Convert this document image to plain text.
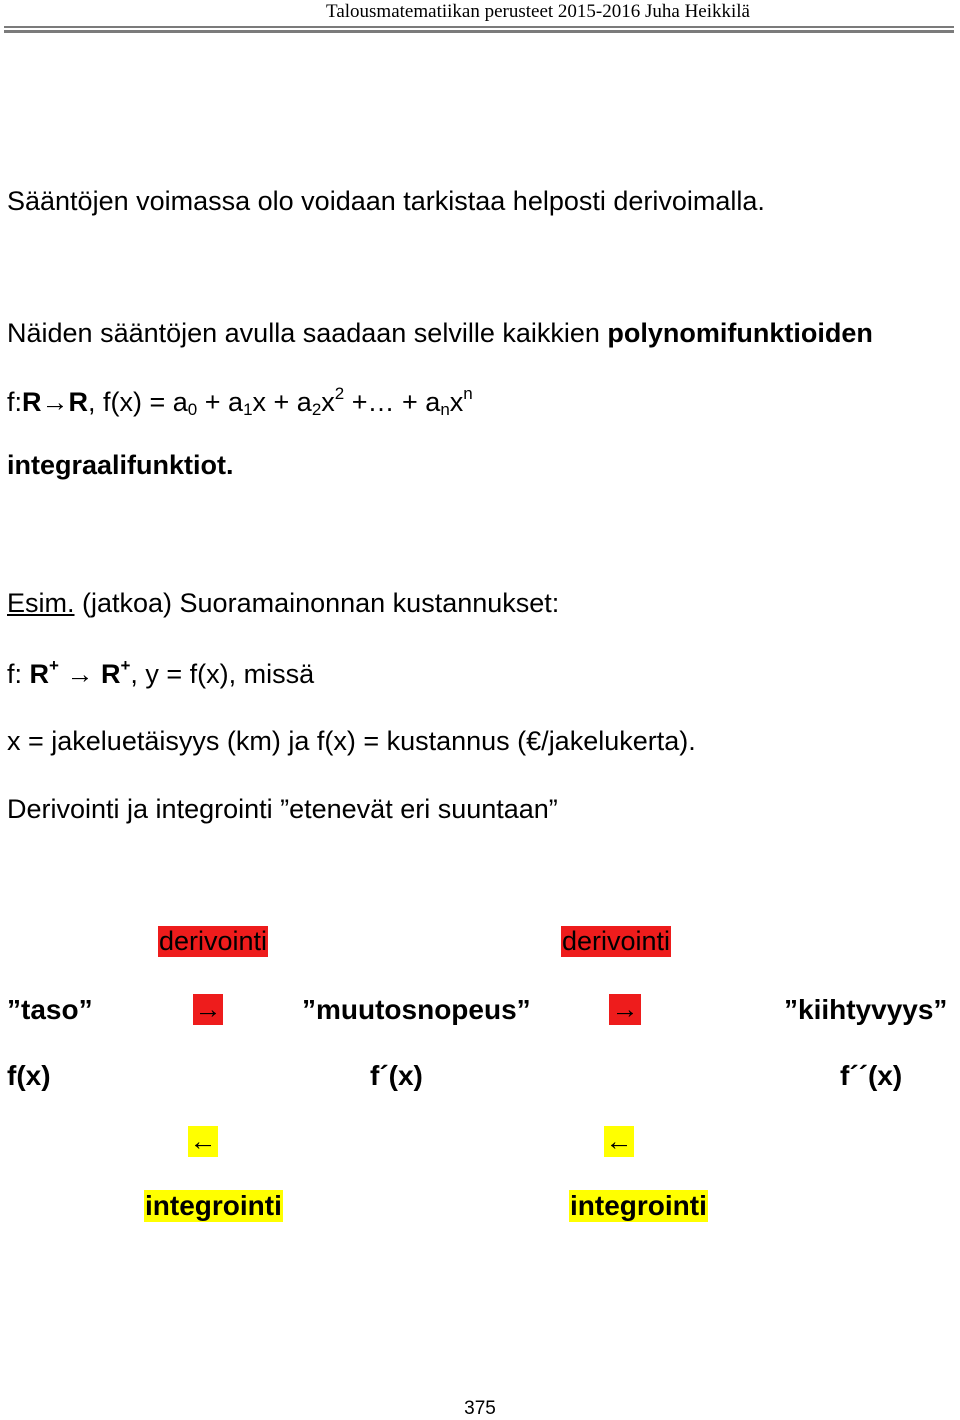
Talousmatematiikan perusteet 2015-2016 Juha Heikkilä
Sääntöjen voimassa olo voidaan tarkistaa helposti derivoimalla.
Näiden sääntöjen avulla saadaan selville kaikkien polynomifunktioiden
f:R→R, $f(x) = a_0 + a_1x + a_2x^2$ +… + $a_nx^n$
integraalifunktiot.
Esim. (jatkoa) Suoramainonnan kustannukset:
f: R+ → R+, y = f(x), missä
x = jakeluetäisyys (km) ja f(x) = kustannus (€/jakelukerta).
Derivointi ja integrointi ”etenevät eri suuntaan”
derivointi	derivointi
”taso”	→	”muutosnopeus”	→	”kiihtyvyys”
f(x)	f´(x)	f´´(x)
←	←
integrointi	integrointi
375
